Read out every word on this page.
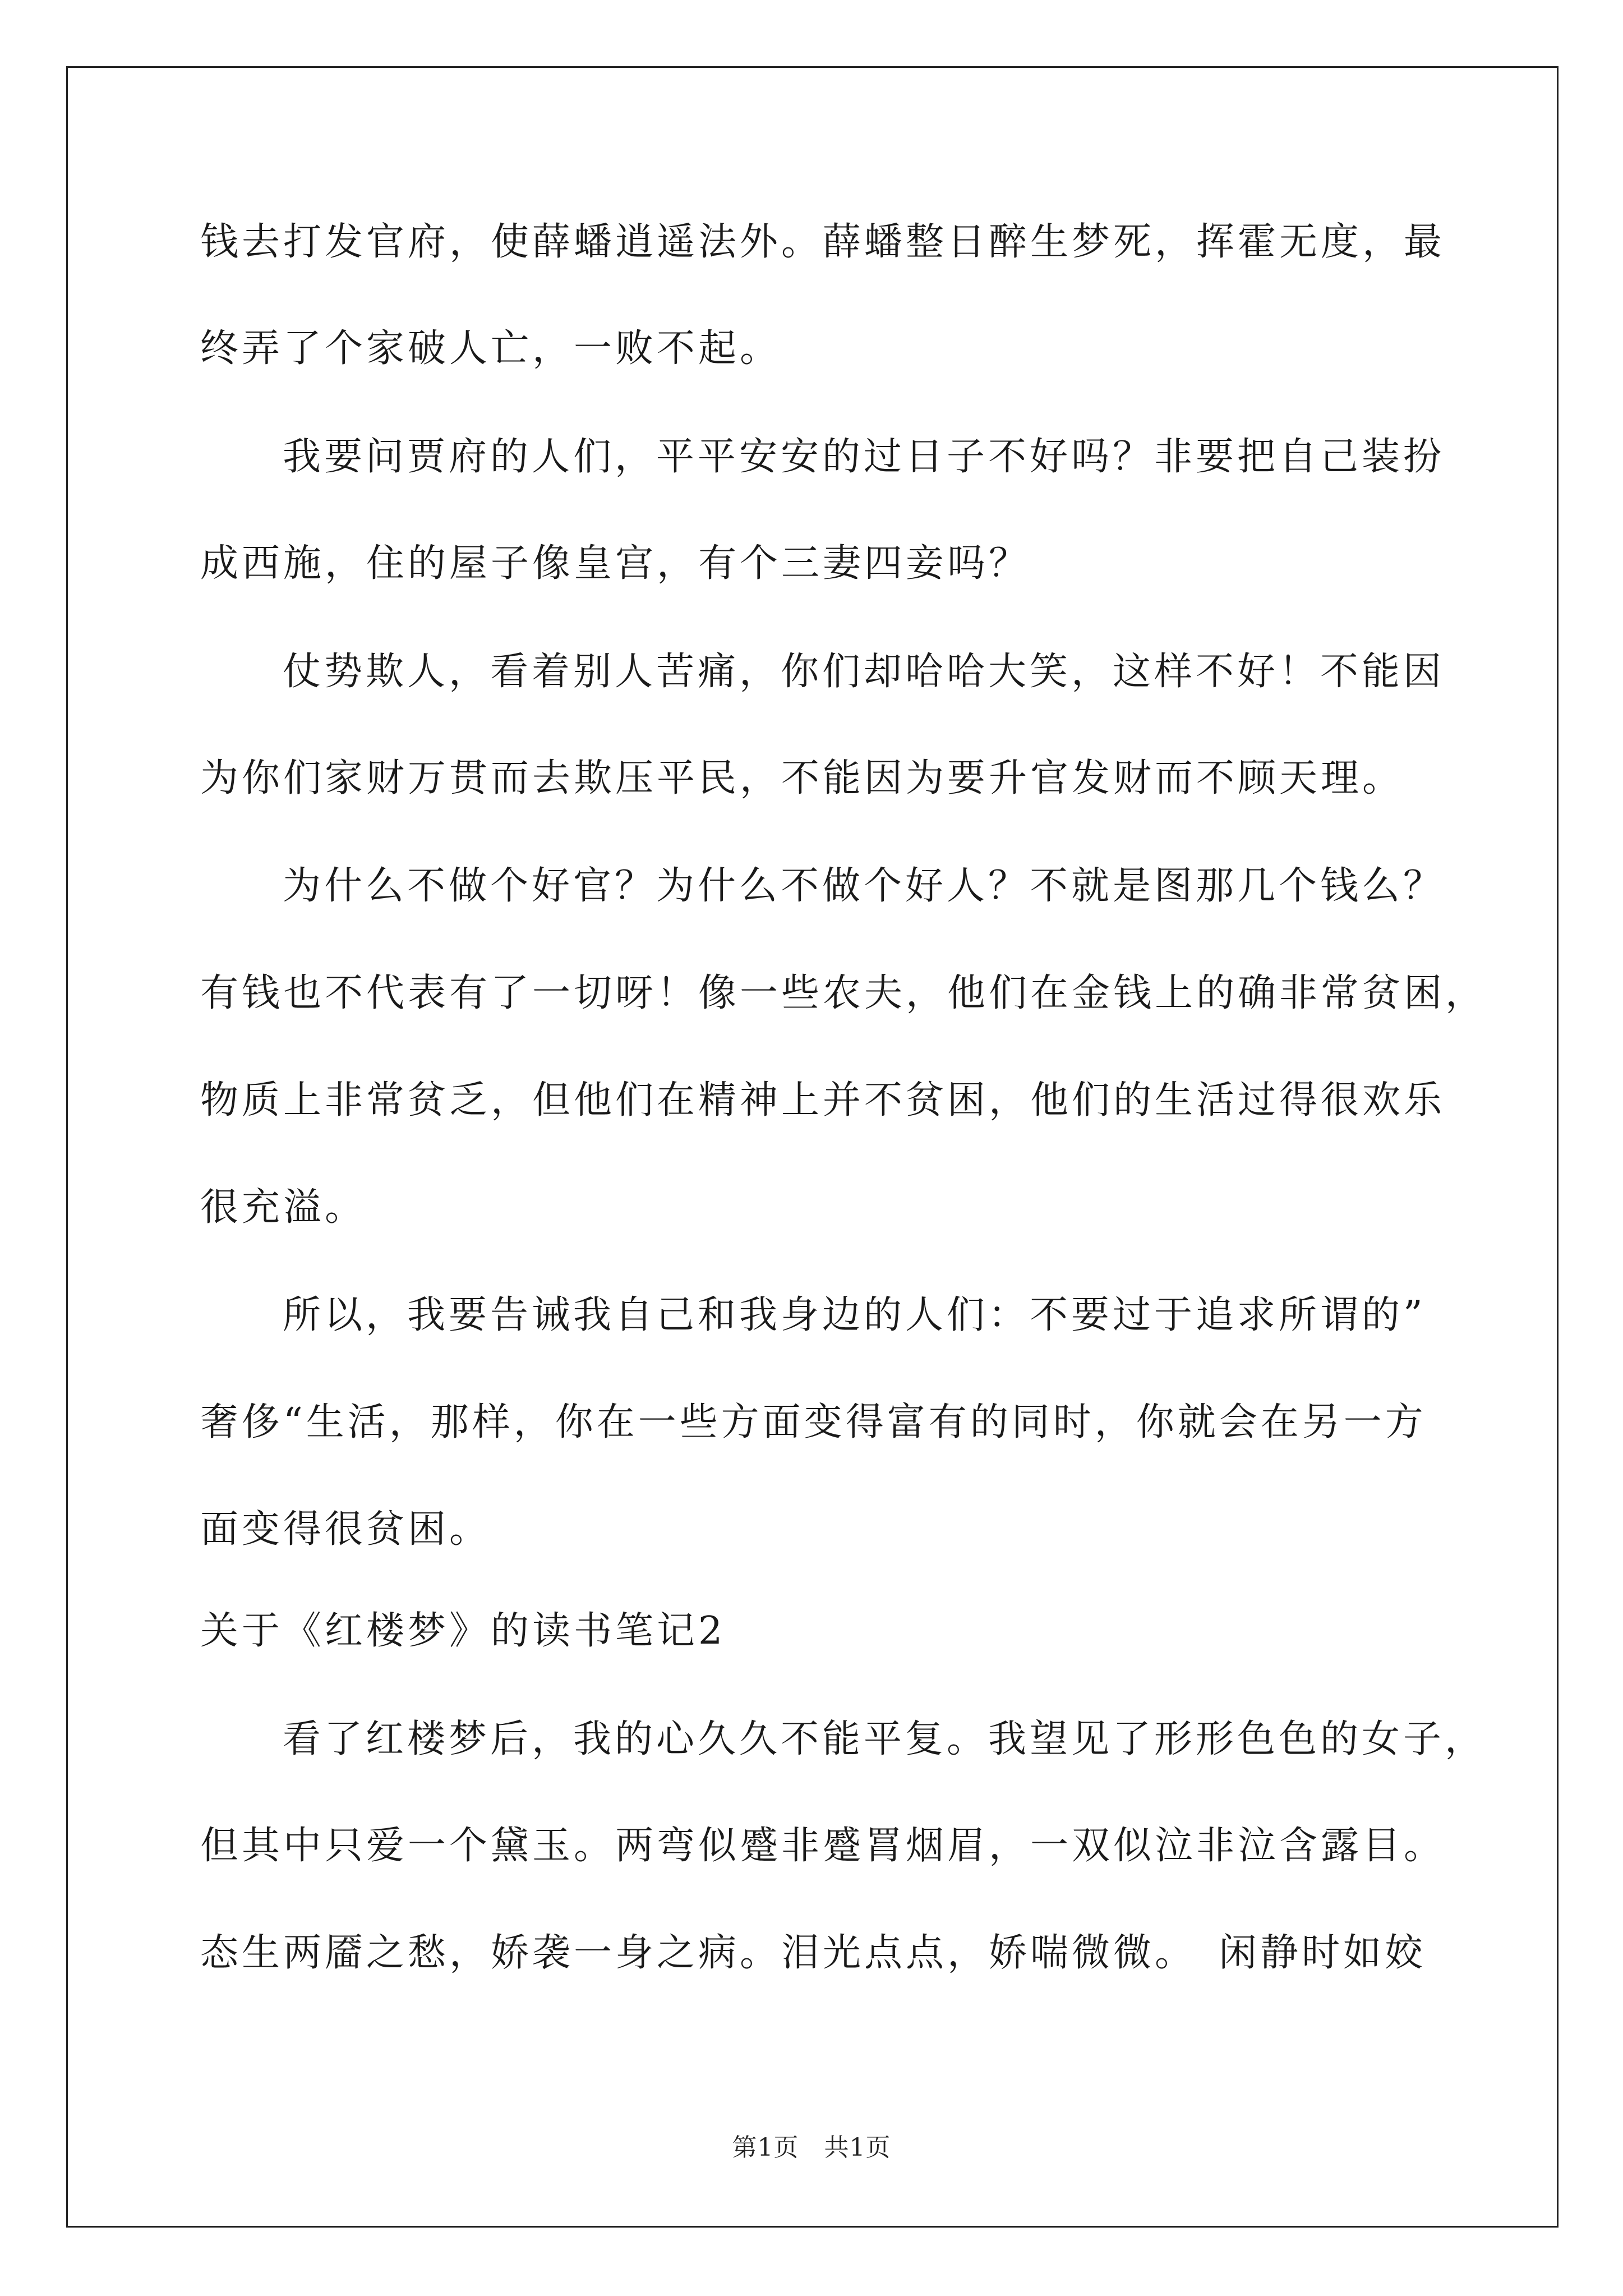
钱去打发官府，使薛蟠逍遥法外。薛蟠整日醉生梦死，挥霍无度，最
终弄了个家破人亡，一败不起。
我要问贾府的人们，平平安安的过日子不好吗？非要把自己装扮
成西施，住的屋子像皇宫，有个三妻四妾吗？
仗势欺人，看着别人苦痛，你们却哈哈大笑，这样不好！不能因
为你们家财万贯而去欺压平民，不能因为要升官发财而不顾天理。
为什么不做个好官？为什么不做个好人？不就是图那几个钱么？
有钱也不代表有了一切呀！像一些农夫，他们在金钱上的确非常贫困，
物质上非常贫乏，但他们在精神上并不贫困，他们的生活过得很欢乐
很充溢。
所以，我要告诫我自己和我身边的人们：不要过于追求所谓的”
奢侈“生活，那样，你在一些方面变得富有的同时，你就会在另一方
面变得很贫困。
关于《红楼梦》的读书笔记2
看了红楼梦后，我的心久久不能平复。我望见了形形色色的女子，
但其中只爱一个黛玉。两弯似蹙非蹙罥烟眉，一双似泣非泣含露目。
态生两靥之愁，娇袭一身之病。泪光点点，娇喘微微。　闲静时如姣
第1页　共1页
